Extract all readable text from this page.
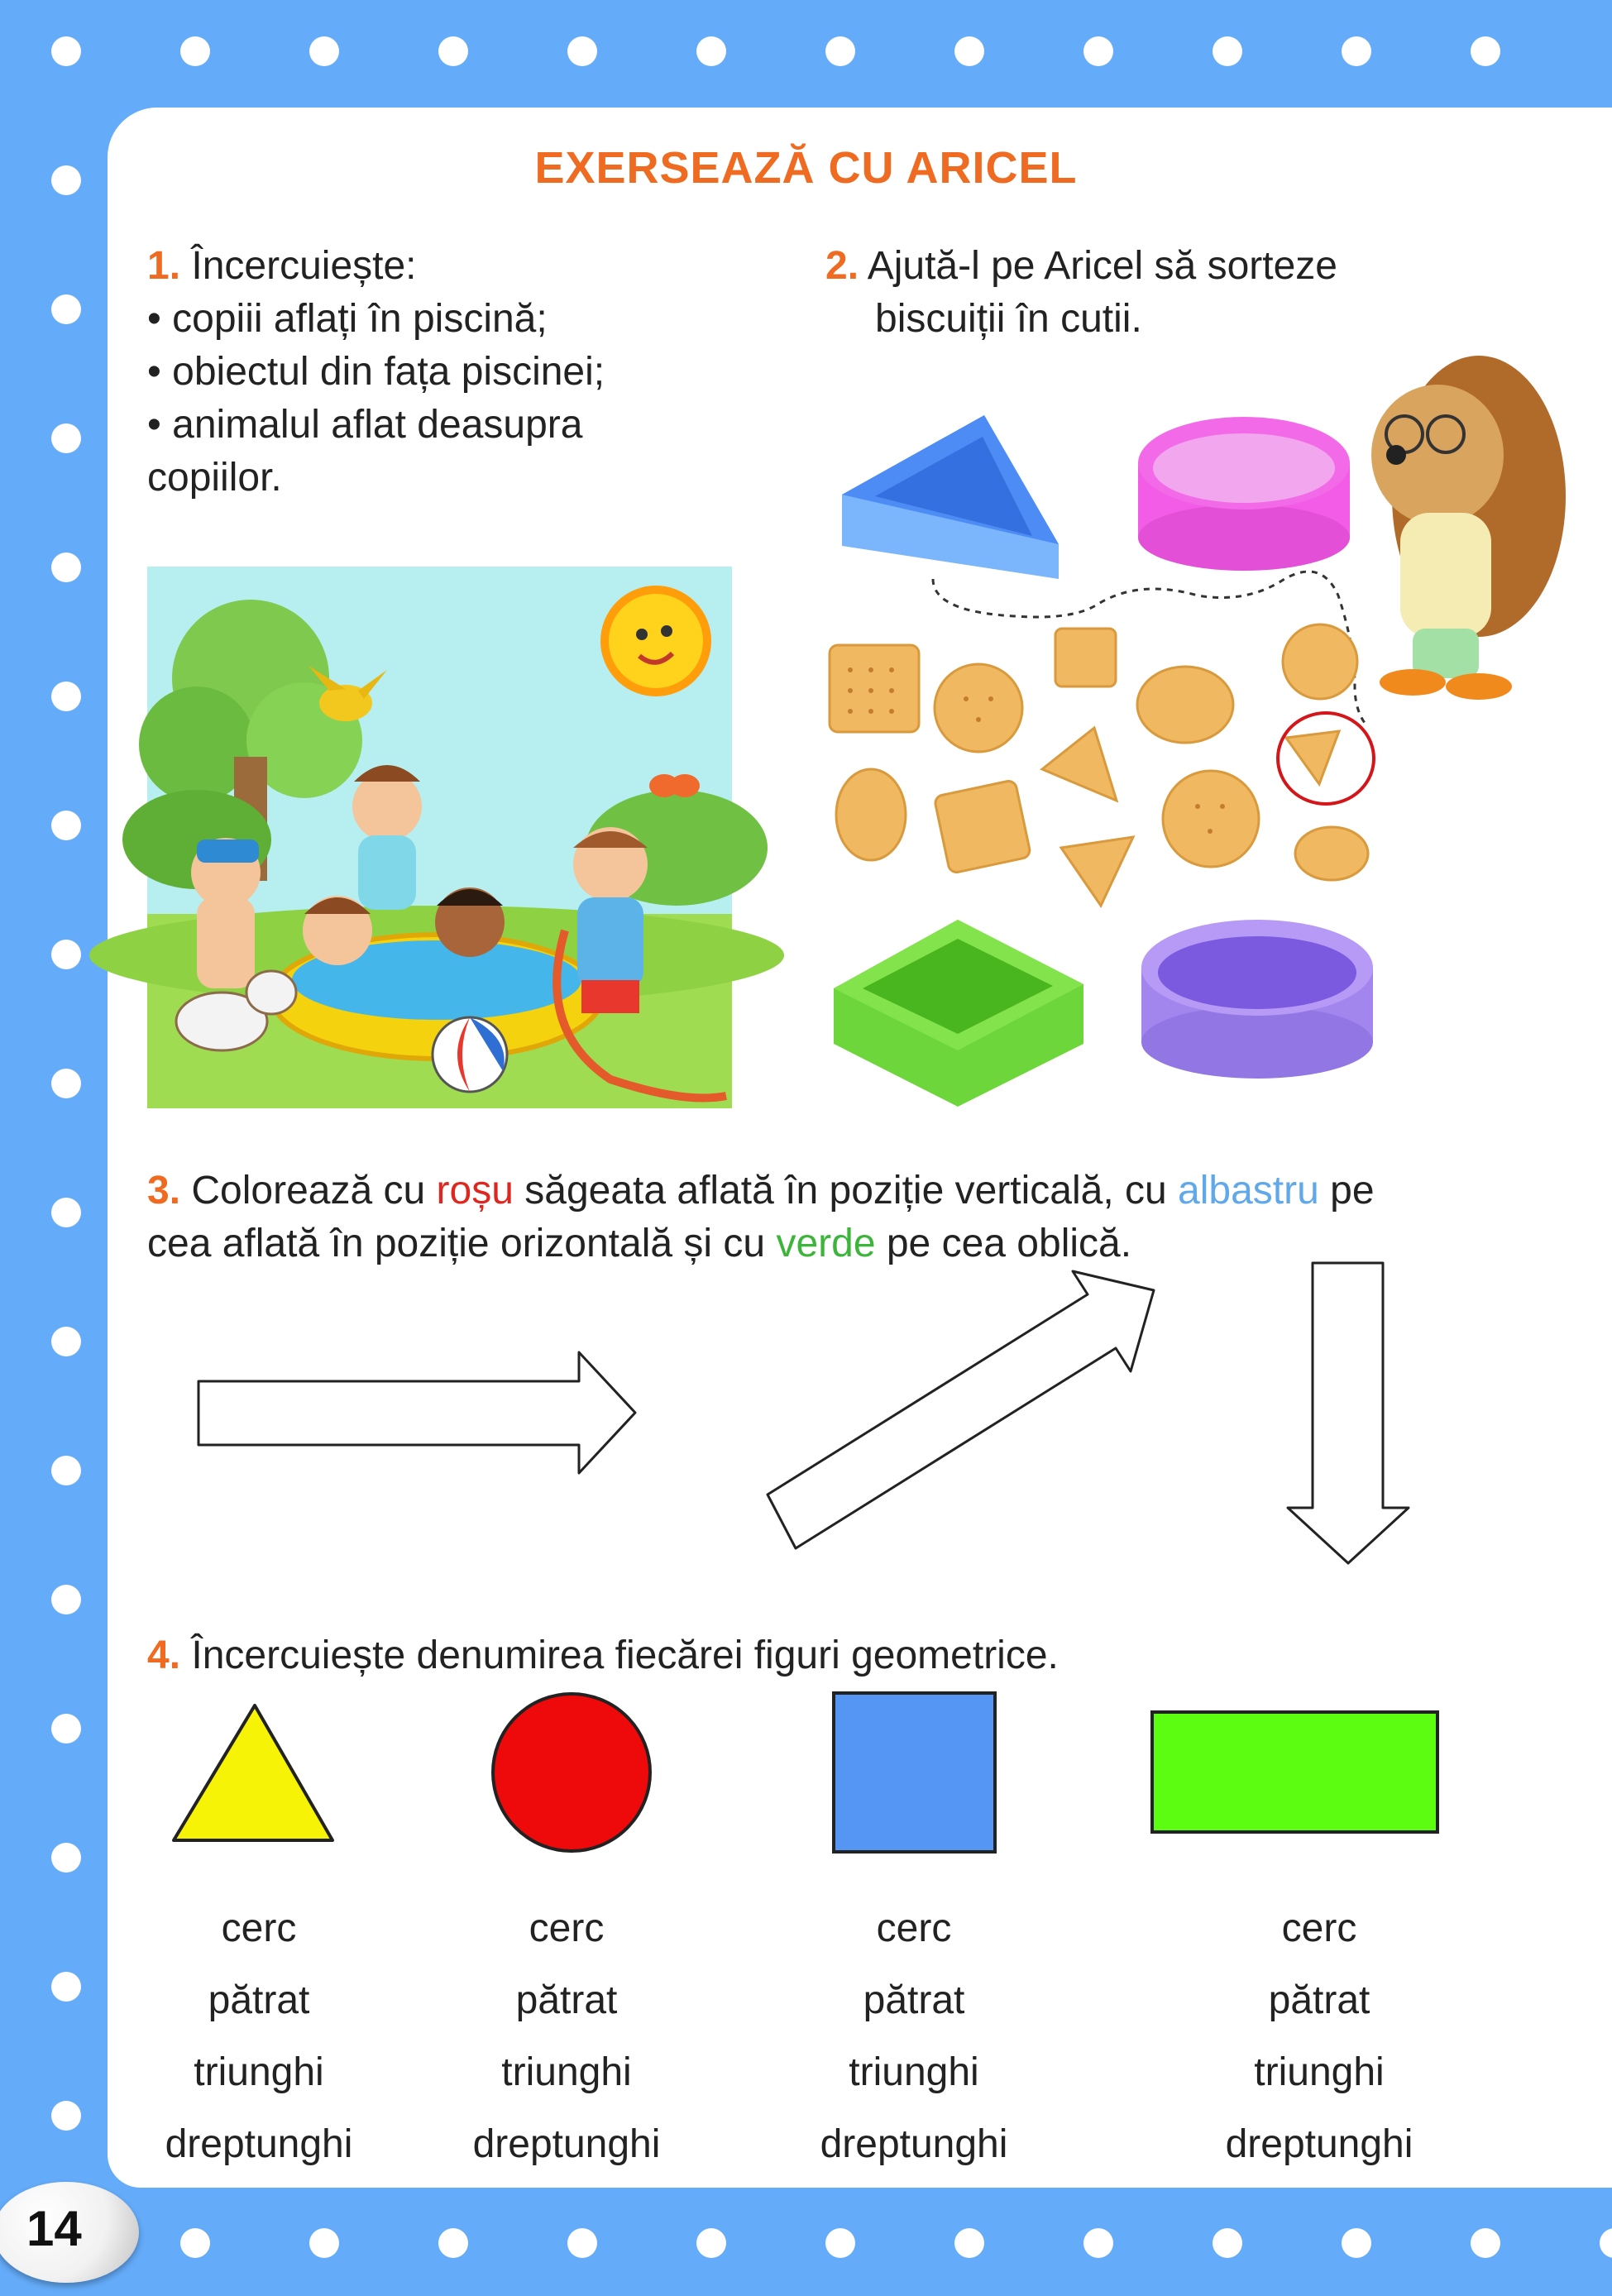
EXERSEAZĂ CU ARICEL
1. Încercuiește:
• copiii aflați în piscină;
• obiectul din fața piscinei;
• animalul aflat deasupra
copiilor.
2. Ajută-l pe Aricel să sorteze
biscuiții în cutii.
3. Colorează cu roșu săgeata aflată în poziție verticală, cu albastru pe
cea aflată în poziție orizontală și cu verde pe cea oblică.
4. Încercuiește denumirea fiecărei figuri geometrice.
cerc
pătrat
triunghi
dreptunghi
cerc
pătrat
triunghi
dreptunghi
cerc
pătrat
triunghi
dreptunghi
cerc
pătrat
triunghi
dreptunghi
14
